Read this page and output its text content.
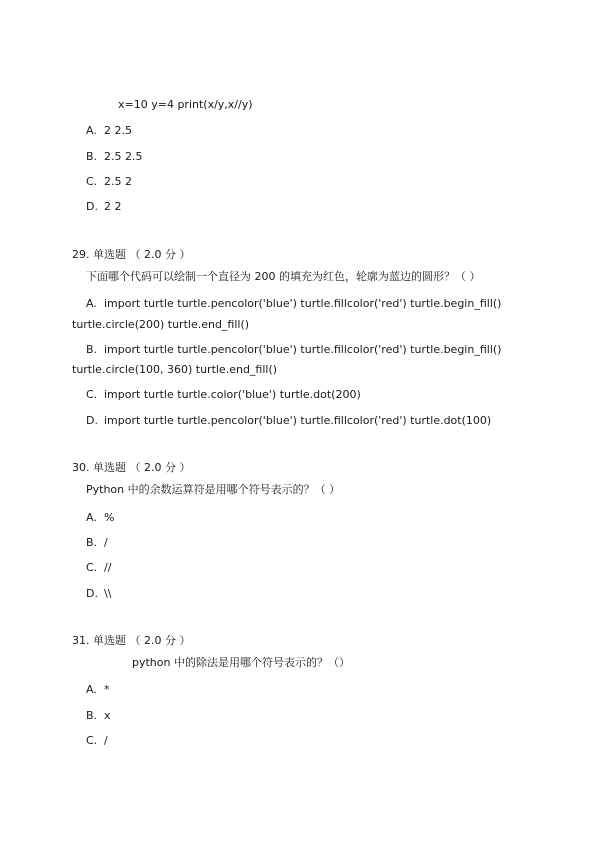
x=10 y=4 print(x/y,x//y)
A. 2 2.5
B. 2.5 2.5
C. 2.5 2
D. 2 2
29. 单选题 （ 2.0 分 ）
下面哪个代码可以绘制一个直径为 200 的填充为红色，轮廓为蓝边的圆形？（ ）
A. import turtle turtle.pencolor('blue') turtle.fillcolor('red') turtle.begin_fill()
turtle.circle(200) turtle.end_fill()
B. import turtle turtle.pencolor('blue') turtle.fillcolor('red') turtle.begin_fill()
turtle.circle(100, 360) turtle.end_fill()
C. import turtle turtle.color('blue') turtle.dot(200)
D. import turtle turtle.pencolor('blue') turtle.fillcolor('red') turtle.dot(100)
30. 单选题 （ 2.0 分 ）
Python 中的余数运算符是用哪个符号表示的？（ ）
A. %
B. /
C. //
D. \\
31. 单选题 （ 2.0 分 ）
python 中的除法是用哪个符号表示的？（）
A. *
B. x
C. /
